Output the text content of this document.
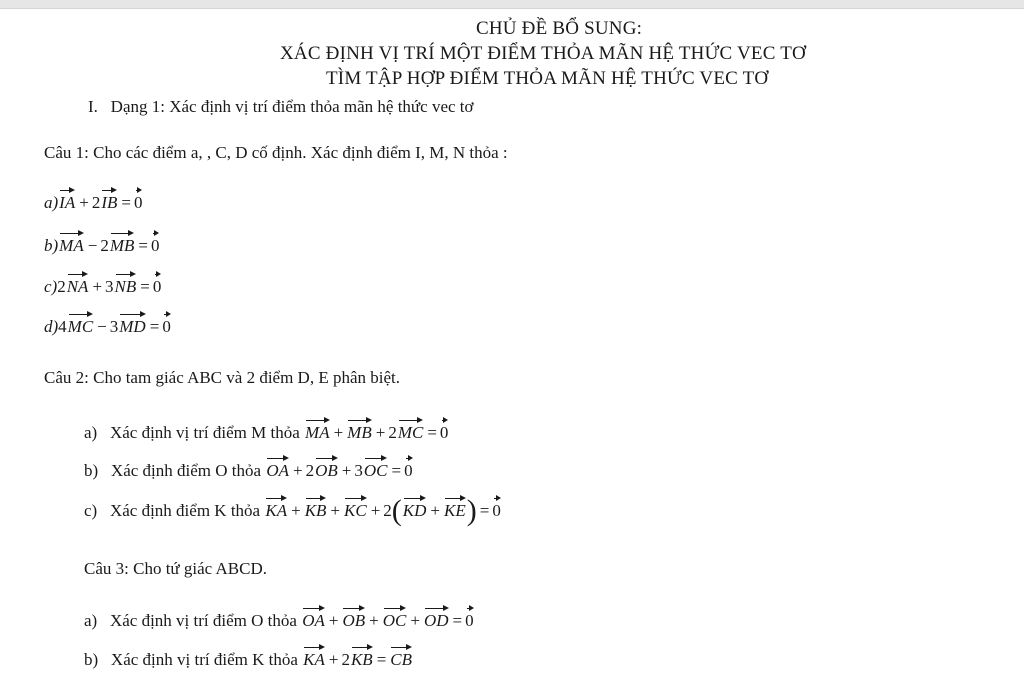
CHỦ ĐỀ BỔ SUNG:
XÁC ĐỊNH VỊ TRÍ MỘT ĐIỂM THỎA MÃN HỆ THỨC VEC TƠ
TÌM TẬP HỢP ĐIỂM THỎA MÃN HỆ THỨC VEC TƠ
I. Dạng 1: Xác định vị trí điểm thỏa mãn hệ thức vec tơ
Câu 1: Cho các điểm a, , C, D cố định. Xác định điểm I, M, N thỏa :
a)IA + 2IB = 0
b)MA − 2MB = 0
c)2NA + 3NB = 0
d)4MC − 3MD = 0
Câu 2: Cho tam giác ABC và 2 điểm D, E phân biệt.
a) Xác định vị trí điểm M thỏa MA + MB + 2MC = 0
b) Xác định điểm O thỏa OA + 2OB + 3OC = 0
c) Xác định điểm K thỏa KA + KB + KC + 2(KD + KE) = 0
Câu 3: Cho tứ giác ABCD.
a) Xác định vị trí điểm O thỏa OA + OB + OC + OD = 0
b) Xác định vị trí điểm K thỏa KA + 2KB = CB
